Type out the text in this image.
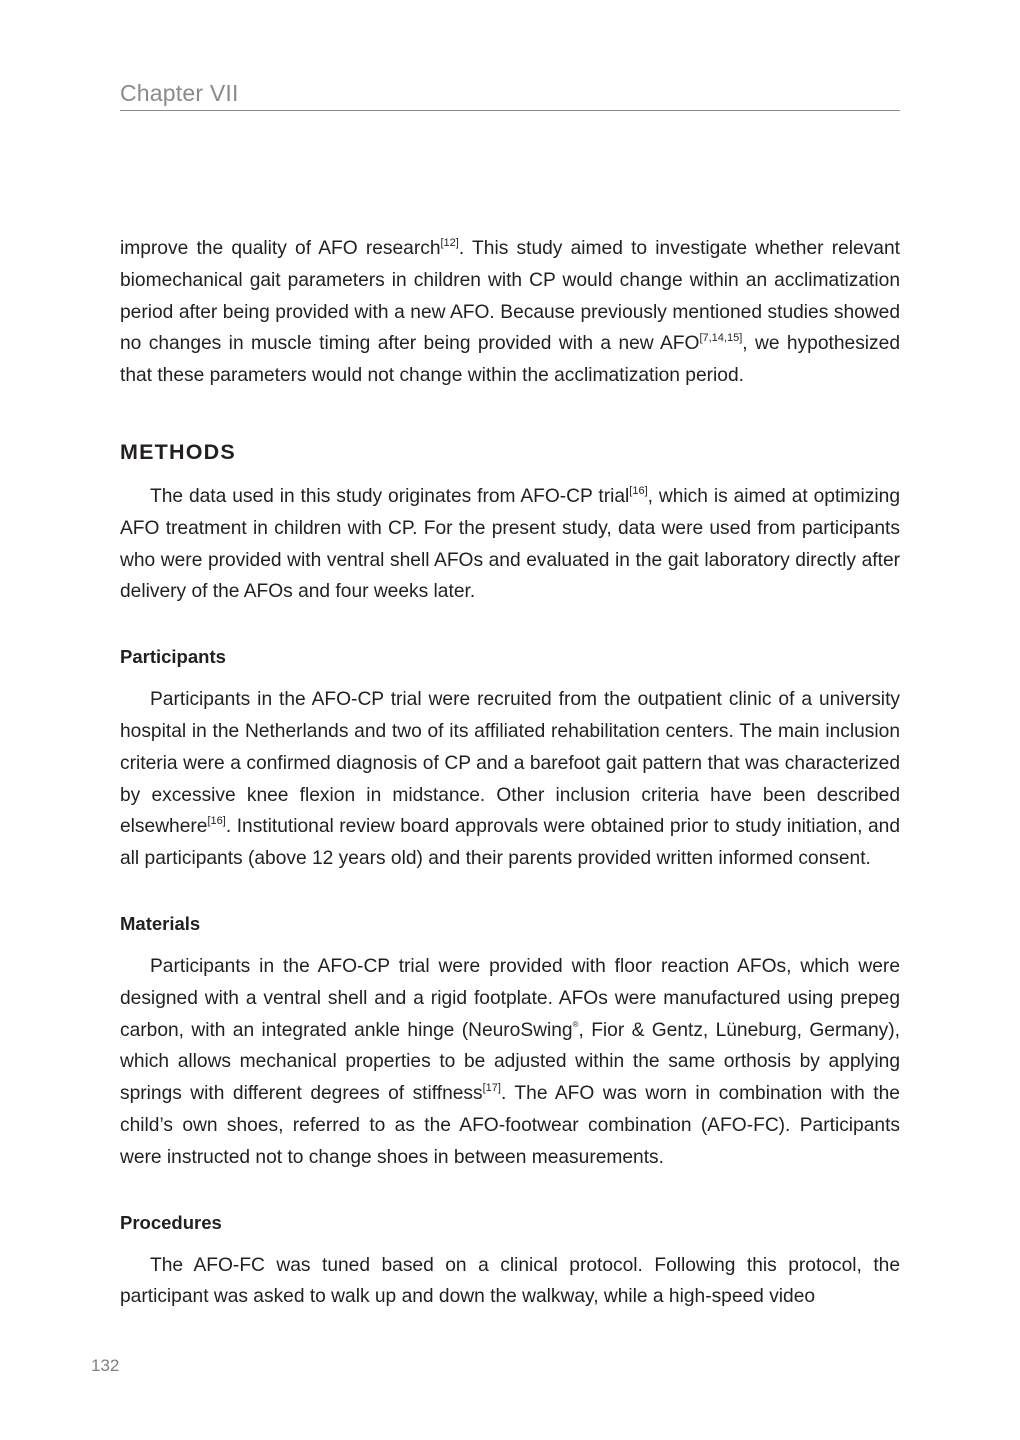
Chapter VII

improve the quality of AFO research[12]. This study aimed to investigate whether relevant biomechanical gait parameters in children with CP would change within an acclimatization period after being provided with a new AFO. Because previously mentioned studies showed no changes in muscle timing after being provided with a new AFO[7,14,15], we hypothesized that these parameters would not change within the acclimatization period.

METHODS

The data used in this study originates from AFO-CP trial[16], which is aimed at optimizing AFO treatment in children with CP. For the present study, data were used from participants who were provided with ventral shell AFOs and evaluated in the gait laboratory directly after delivery of the AFOs and four weeks later.

Participants

Participants in the AFO-CP trial were recruited from the outpatient clinic of a university hospital in the Netherlands and two of its affiliated rehabilitation centers. The main inclusion criteria were a confirmed diagnosis of CP and a barefoot gait pattern that was characterized by excessive knee flexion in midstance. Other inclusion criteria have been described elsewhere[16]. Institutional review board approvals were obtained prior to study initiation, and all participants (above 12 years old) and their parents provided written informed consent.

Materials

Participants in the AFO-CP trial were provided with floor reaction AFOs, which were designed with a ventral shell and a rigid footplate. AFOs were manufactured using prepeg carbon, with an integrated ankle hinge (NeuroSwing®, Fior & Gentz, Lüneburg, Germany), which allows mechanical properties to be adjusted within the same orthosis by applying springs with different degrees of stiffness[17]. The AFO was worn in combination with the child’s own shoes, referred to as the AFO-footwear combination (AFO-FC). Participants were instructed not to change shoes in between measurements.

Procedures

The AFO-FC was tuned based on a clinical protocol. Following this protocol, the participant was asked to walk up and down the walkway, while a high-speed video

132
